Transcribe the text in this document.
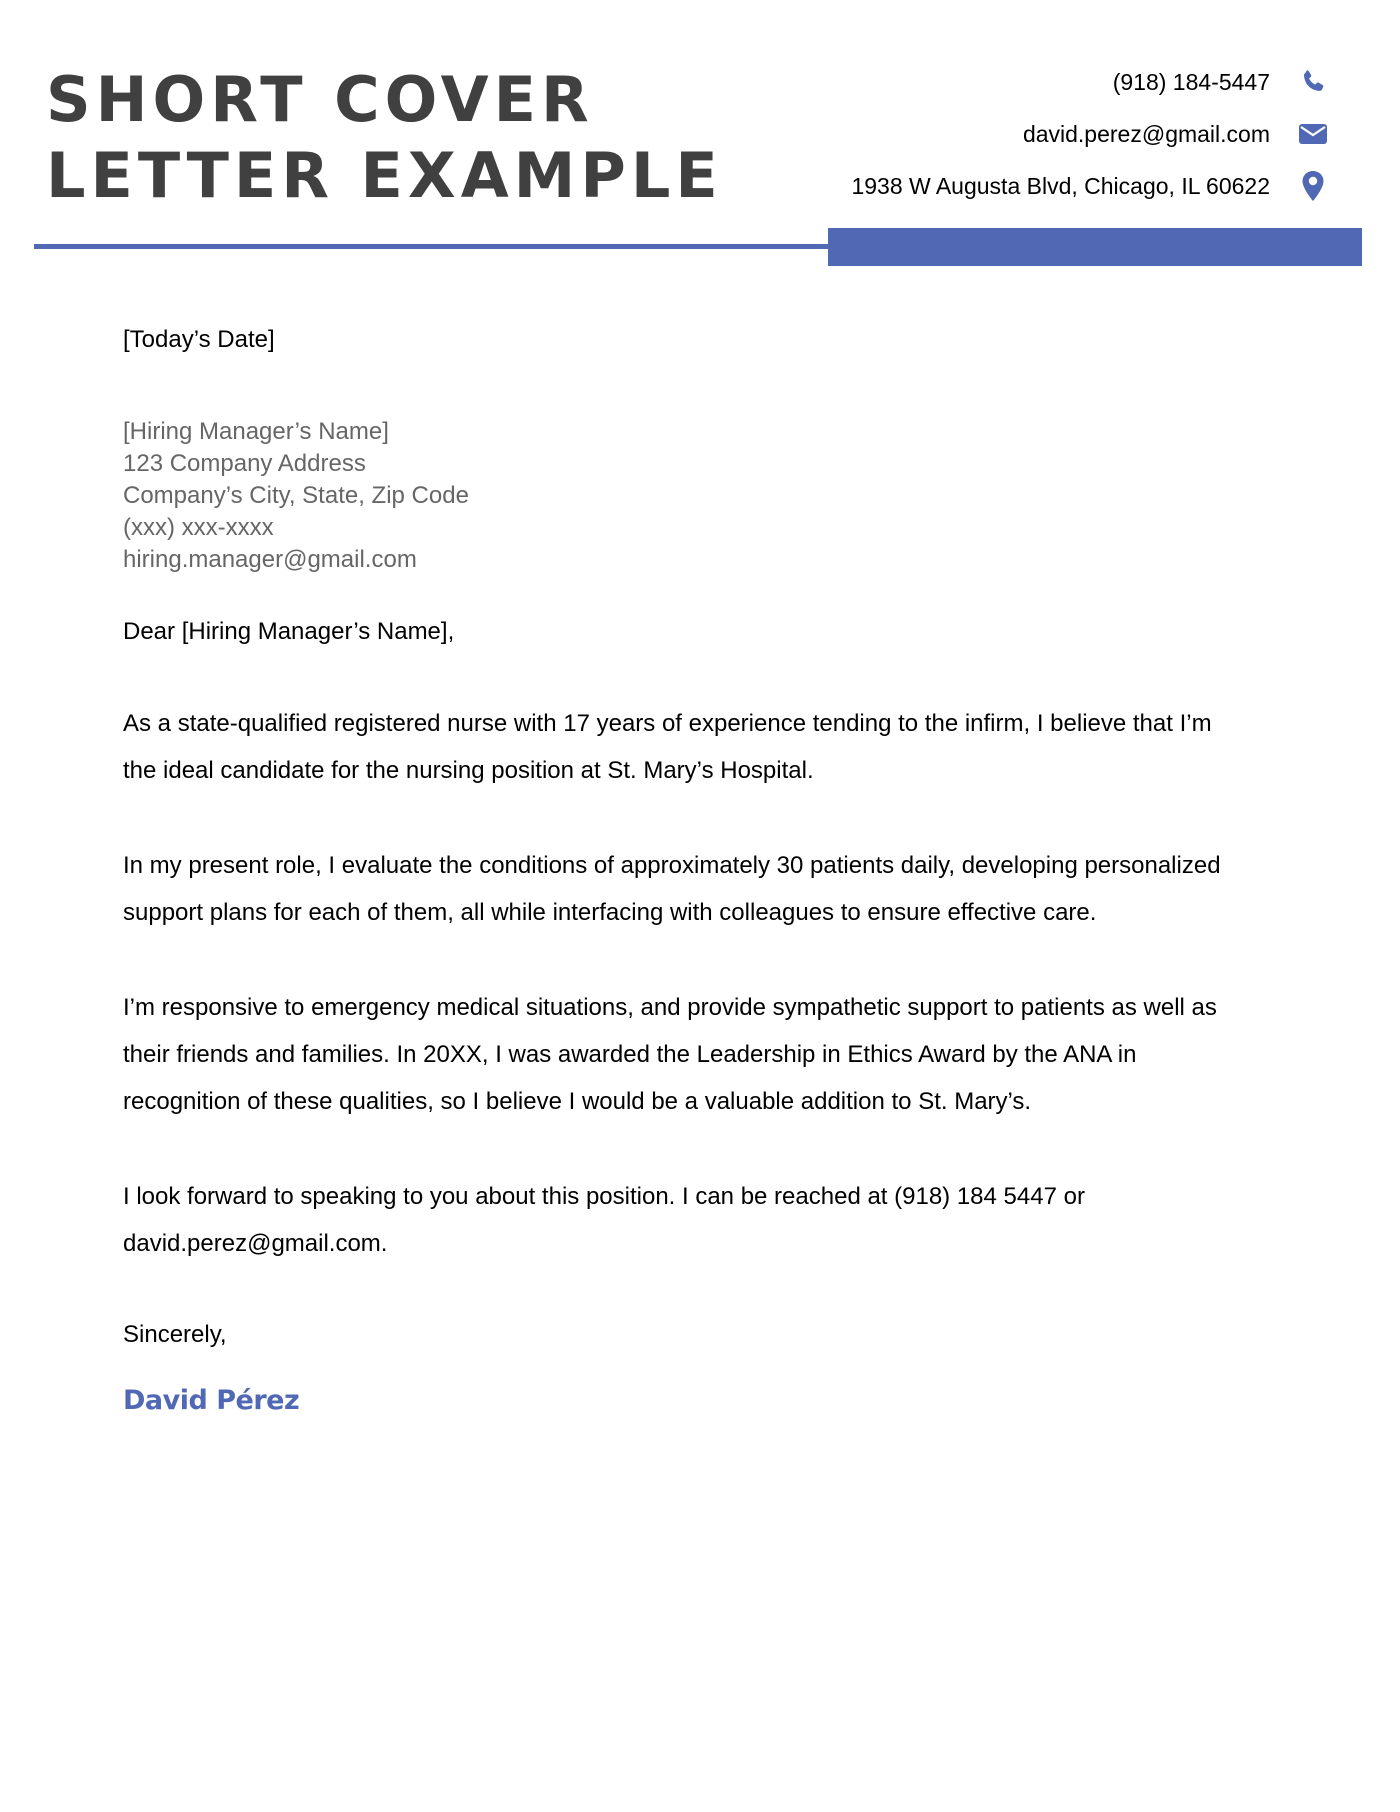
SHORT COVER
LETTER EXAMPLE
(918) 184-5447
david.perez@gmail.com
1938 W Augusta Blvd, Chicago, IL 60622

[Today’s Date]

[Hiring Manager’s Name]
123 Company Address
Company’s City, State, Zip Code
(xxx) xxx-xxxx
hiring.manager@gmail.com
Dear [Hiring Manager’s Name],
As a state-qualified registered nurse with 17 years of experience tending to the infirm, I believe that I’m the ideal candidate for the nursing position at St. Mary’s Hospital.
In my present role, I evaluate the conditions of approximately 30 patients daily, developing personalized support plans for each of them, all while interfacing with colleagues to ensure effective care.
I’m responsive to emergency medical situations, and provide sympathetic support to patients as well as their friends and families. In 20XX, I was awarded the Leadership in Ethics Award by the ANA in recognition of these qualities, so I believe I would be a valuable addition to St. Mary’s.
I look forward to speaking to you about this position. I can be reached at (918) 184 5447 or david.perez@gmail.com.
Sincerely,
David Pérez
